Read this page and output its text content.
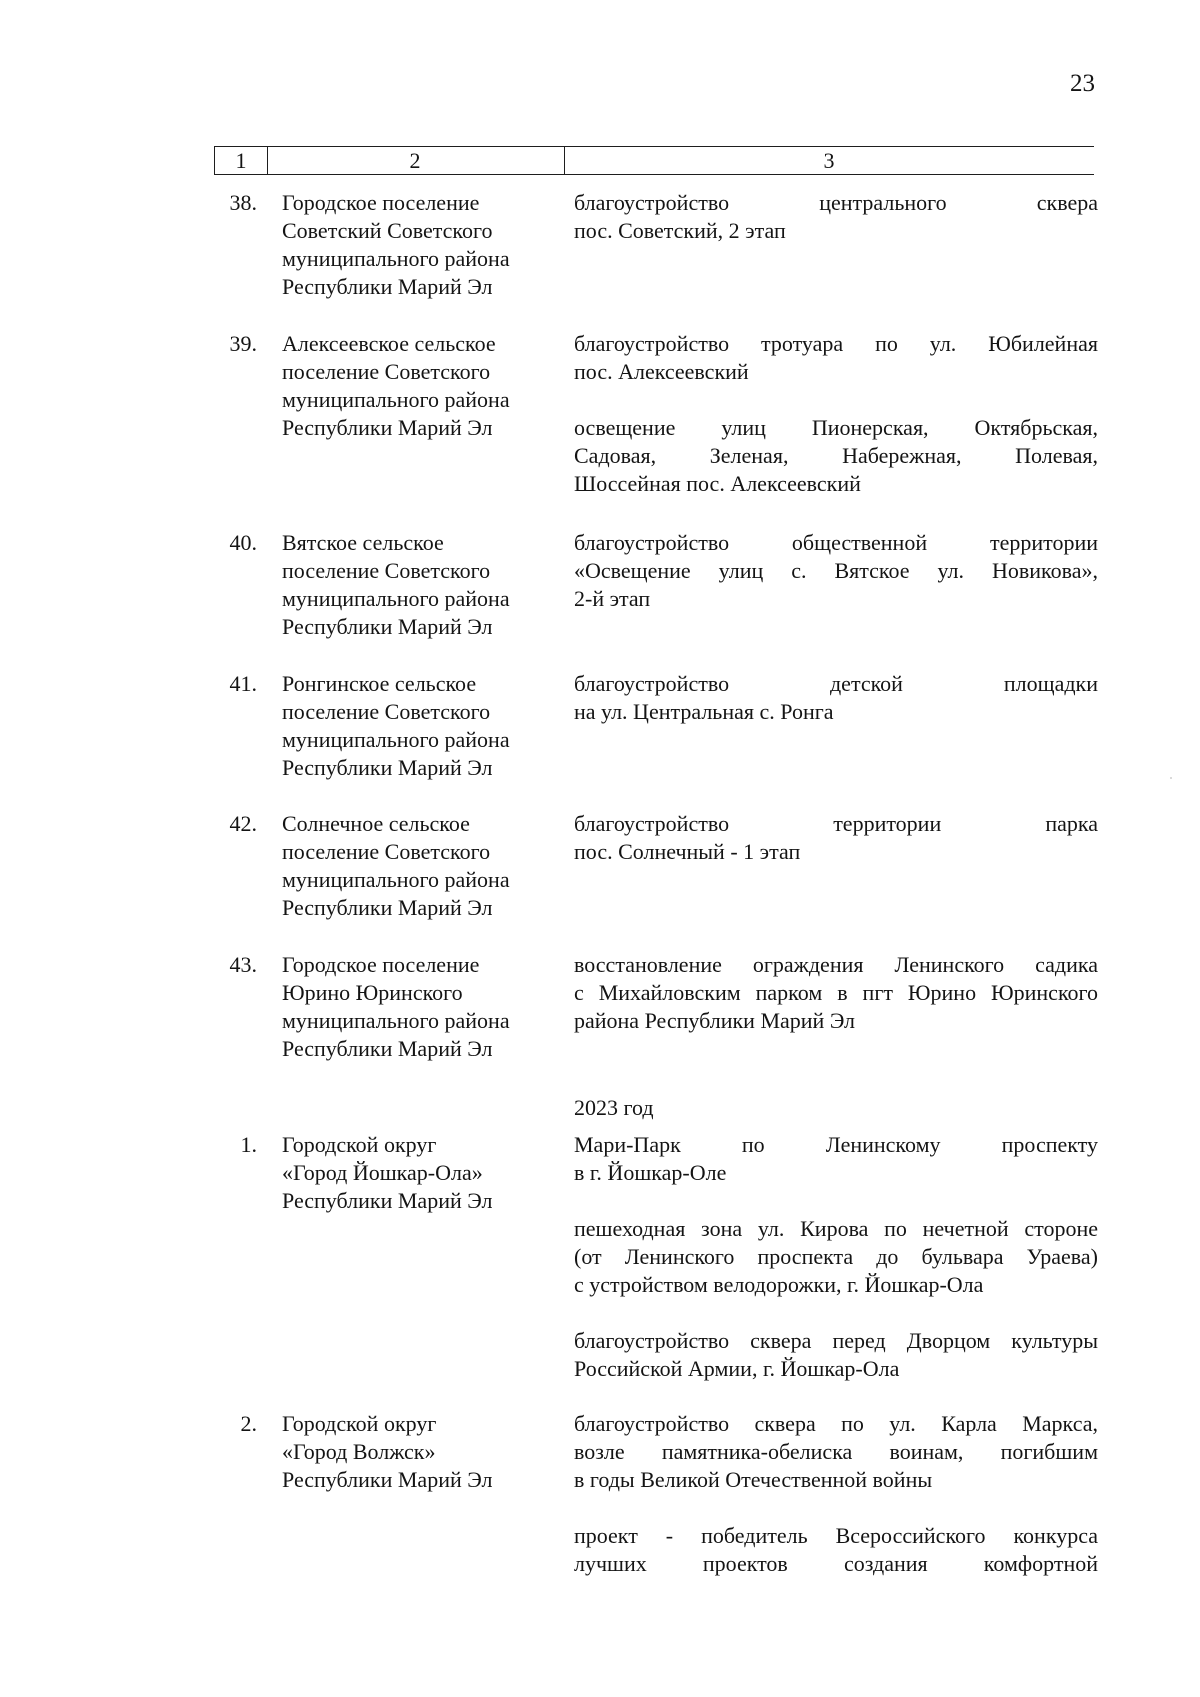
23
1	2	3
38. Городское поселение
Советский Советского
муниципального района
Республики Марий Эл
благоустройство центрального сквера
пос. Советский, 2 этап
39. Алексеевское сельское
поселение Советского
муниципального района
Республики Марий Эл
благоустройство тротуара по ул. Юбилейная
пос. Алексеевский
освещение улиц Пионерская, Октябрьская,
Садовая, Зеленая, Набережная, Полевая,
Шоссейная пос. Алексеевский
40. Вятское сельское
поселение Советского
муниципального района
Республики Марий Эл
благоустройство общественной территории
«Освещение улиц с. Вятское ул. Новикова»,
2-й этап
41. Ронгинское сельское
поселение Советского
муниципального района
Республики Марий Эл
благоустройство детской площадки
на ул. Центральная с. Ронга
42. Солнечное сельское
поселение Советского
муниципального района
Республики Марий Эл
благоустройство территории парка
пос. Солнечный - 1 этап
43. Городское поселение
Юрино Юринского
муниципального района
Республики Марий Эл
восстановление ограждения Ленинского садика
с Михайловским парком в пгт Юрино Юринского
района Республики Марий Эл
2023 год
1. Городской округ
«Город Йошкар-Ола»
Республики Марий Эл
Мари-Парк по Ленинскому проспекту
в г. Йошкар-Оле
пешеходная зона ул. Кирова по нечетной стороне
(от Ленинского проспекта до бульвара Ураева)
с устройством велодорожки, г. Йошкар-Ола
благоустройство сквера перед Дворцом культуры
Российской Армии, г. Йошкар-Ола
2. Городской округ
«Город Волжск»
Республики Марий Эл
благоустройство сквера по ул. Карла Маркса,
возле памятника-обелиска воинам, погибшим
в годы Великой Отечественной войны
проект - победитель Всероссийского конкурса
лучших проектов создания комфортной
